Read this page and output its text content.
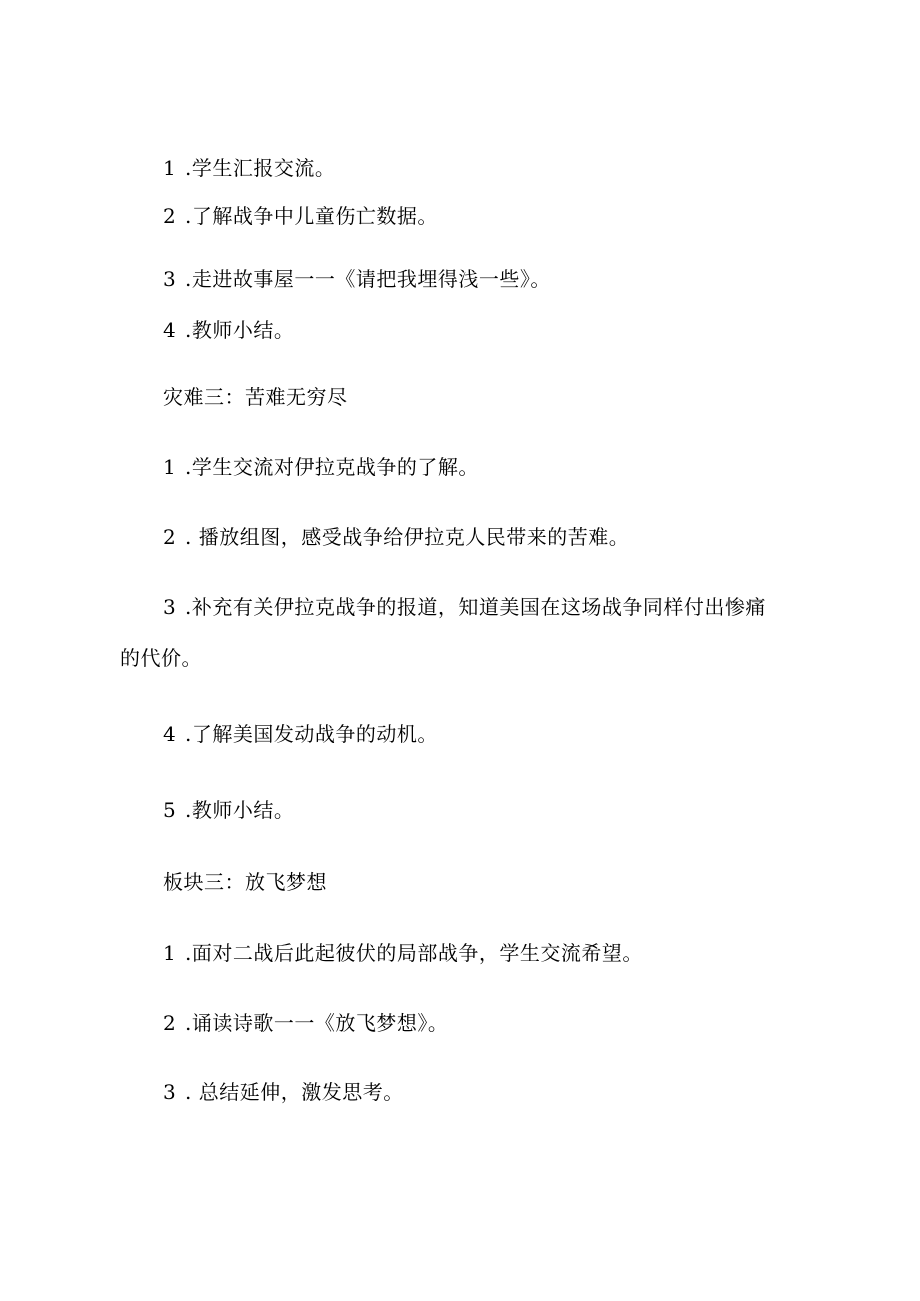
1 .学生汇报交流。
2 .了解战争中儿童伤亡数据。
3 .走进故事屋一一《请把我埋得浅一些》。
4 .教师小结。
灾难三：苦难无穷尽
1 .学生交流对伊拉克战争的了解。
2 . 播放组图，感受战争给伊拉克人民带来的苦难。
3 .补充有关伊拉克战争的报道，知道美国在这场战争同样付出惨痛
的代价。
4 .了解美国发动战争的动机。
5 .教师小结。
板块三：放飞梦想
1 .面对二战后此起彼伏的局部战争，学生交流希望。
2 .诵读诗歌一一《放飞梦想》。
3 . 总结延伸，激发思考。
